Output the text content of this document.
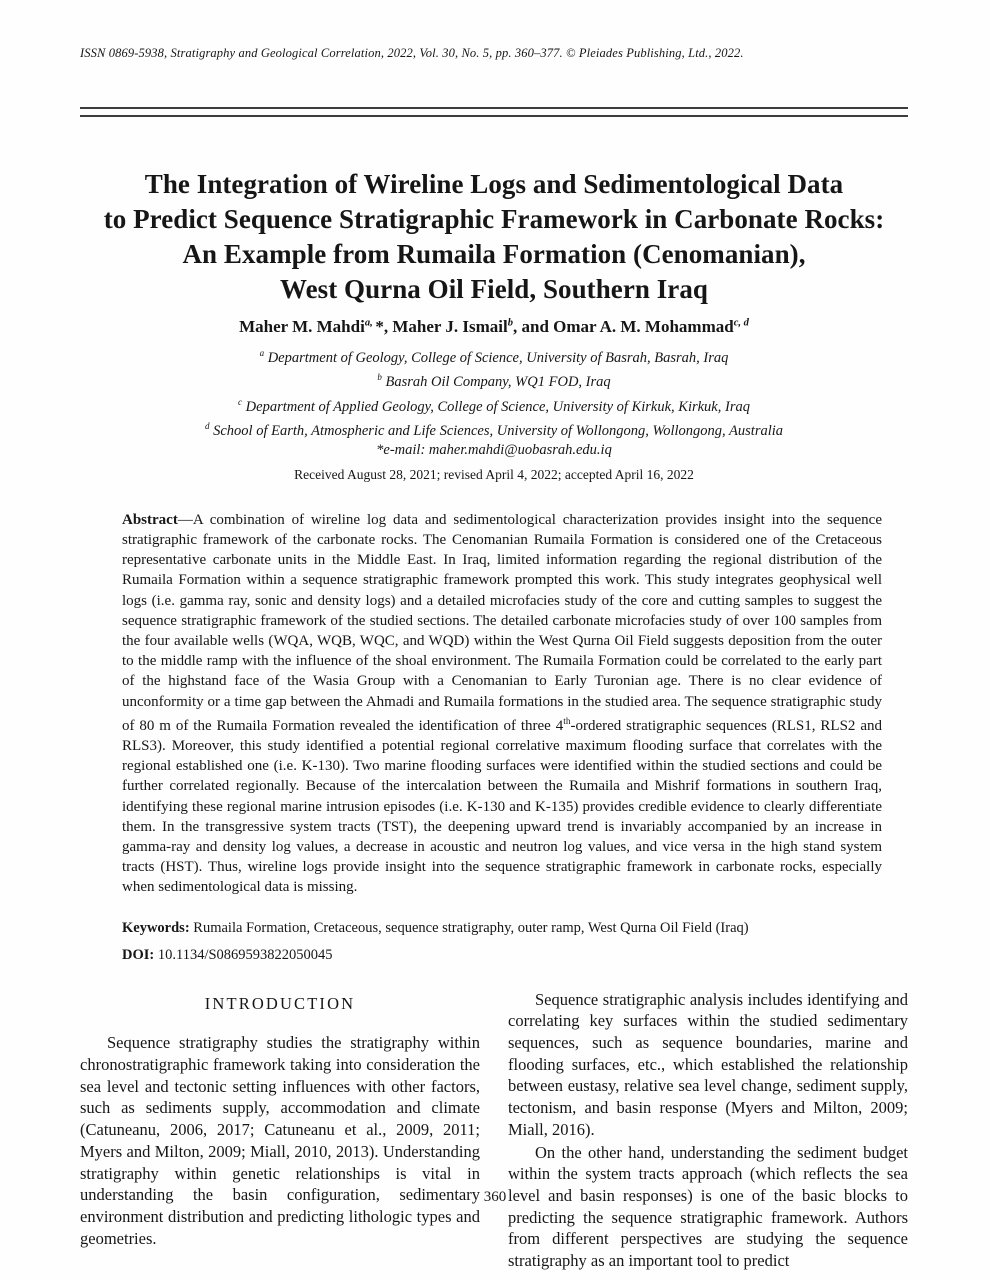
ISSN 0869-5938, Stratigraphy and Geological Correlation, 2022, Vol. 30, No. 5, pp. 360–377. © Pleiades Publishing, Ltd., 2022.
The Integration of Wireline Logs and Sedimentological Data
to Predict Sequence Stratigraphic Framework in Carbonate Rocks:
An Example from Rumaila Formation (Cenomanian),
West Qurna Oil Field, Southern Iraq
Maher M. Mahdi$^{a,}$ *, Maher J. Ismail$^b$, and Omar A. M. Mohammad$^{c, d}$
$^a$ Department of Geology, College of Science, University of Basrah, Basrah, Iraq
$^b$ Basrah Oil Company, WQ1 FOD, Iraq
$^c$ Department of Applied Geology, College of Science, University of Kirkuk, Kirkuk, Iraq
$^d$ School of Earth, Atmospheric and Life Sciences, University of Wollongong, Wollongong, Australia
*e-mail: maher.mahdi@uobasrah.edu.iq
Received August 28, 2021; revised April 4, 2022; accepted April 16, 2022
Abstract—A combination of wireline log data and sedimentological characterization provides insight into the sequence stratigraphic framework of the carbonate rocks. The Cenomanian Rumaila Formation is considered one of the Cretaceous representative carbonate units in the Middle East. In Iraq, limited information regarding the regional distribution of the Rumaila Formation within a sequence stratigraphic framework prompted this work. This study integrates geophysical well logs (i.e. gamma ray, sonic and density logs) and a detailed microfacies study of the core and cutting samples to suggest the sequence stratigraphic framework of the studied sections. The detailed carbonate microfacies study of over 100 samples from the four available wells (WQA, WQB, WQC, and WQD) within the West Qurna Oil Field suggests deposition from the outer to the middle ramp with the influence of the shoal environment. The Rumaila Formation could be correlated to the early part of the highstand face of the Wasia Group with a Cenomanian to Early Turonian age. There is no clear evidence of unconformity or a time gap between the Ahmadi and Rumaila formations in the studied area. The sequence stratigraphic study of 80 m of the Rumaila Formation revealed the identification of three 4th-ordered stratigraphic sequences (RLS1, RLS2 and RLS3). Moreover, this study identified a potential regional correlative maximum flooding surface that correlates with the regional established one (i.e. K-130). Two marine flooding surfaces were identified within the studied sections and could be further correlated regionally. Because of the intercalation between the Rumaila and Mishrif formations in southern Iraq, identifying these regional marine intrusion episodes (i.e. K-130 and K-135) provides credible evidence to clearly differentiate them. In the transgressive system tracts (TST), the deepening upward trend is invariably accompanied by an increase in gamma-ray and density log values, a decrease in acoustic and neutron log values, and vice versa in the high stand system tracts (HST). Thus, wireline logs provide insight into the sequence stratigraphic framework in carbonate rocks, especially when sedimentological data is missing.
Keywords: Rumaila Formation, Cretaceous, sequence stratigraphy, outer ramp, West Qurna Oil Field (Iraq)
DOI: 10.1134/S0869593822050045
INTRODUCTION

Sequence stratigraphy studies the stratigraphy within chronostratigraphic framework taking into consideration the sea level and tectonic setting influences with other factors, such as sediments supply, accommodation and climate (Catuneanu, 2006, 2017; Catuneanu et al., 2009, 2011; Myers and Milton, 2009; Miall, 2010, 2013). Understanding stratigraphy within genetic relationships is vital in understanding the basin configuration, sedimentary environment distribution and predicting lithologic types and geometries.

Sequence stratigraphic analysis includes identifying and correlating key surfaces within the studied sedimentary sequences, such as sequence boundaries, marine and flooding surfaces, etc., which established the relationship between eustasy, relative sea level change, sediment supply, tectonism, and basin response (Myers and Milton, 2009; Miall, 2016).

On the other hand, understanding the sediment budget within the system tracts approach (which reflects the sea level and basin responses) is one of the basic blocks to predicting the sequence stratigraphic framework. Authors from different perspectives are studying the sequence stratigraphy as an important tool to predict

360
